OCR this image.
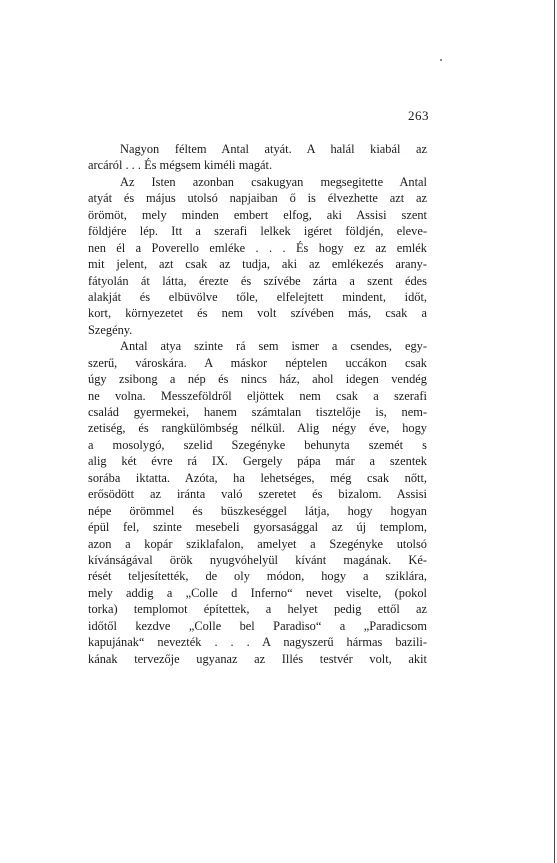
263
Nagyon féltem Antal atyát. A halál kiabál az
arcáról . . . És mégsem kiméli magát.
Az Isten azonban csakugyan megsegitette Antal
atyát és május utolsó napjaiban ő is élvezhette azt az
örömöt, mely minden embert elfog, aki Assisi szent
földjére lép. Itt a szerafi lelkek igéret földjén, eleve-
nen él a Poverello emléke . . . És hogy ez az emlék
mit jelent, azt csak az tudja, aki az emlékezés arany-
fátyolán át látta, érezte és szívébe zárta a szent édes
alakját és elbüvölve tőle, elfelejtett mindent, időt,
kort, környezetet és nem volt szívében más, csak a
Szegény.
Antal atya szinte rá sem ismer a csendes, egy-
szerű, városkára. A máskor néptelen uccákon csak
úgy zsibong a nép és nincs ház, ahol idegen vendég
ne volna. Messzeföldről eljöttek nem csak a szerafi
család gyermekei, hanem számtalan tisztelője is, nem-
zetiség, és rangkülömbség nélkül. Alig négy éve, hogy
a mosolygó, szelid Szegényke behunyta szemét s
alig két évre rá IX. Gergely pápa már a szentek
sorába iktatta. Azóta, ha lehetséges, még csak nőtt,
erősödött az iránta való szeretet és bizalom. Assisi
népe örömmel és büszkeséggel látja, hogy hogyan
épül fel, szinte mesebeli gyorsasággal az új templom,
azon a kopár sziklafalon, amelyet a Szegényke utolsó
kívánságával örök nyugvóhelyül kívánt magának. Ké-
rését teljesítették, de oly módon, hogy a sziklára,
mely addig a „Colle d Inferno“ nevet viselte, (pokol
torka) templomot építettek, a helyet pedig ettől az
időtől kezdve „Colle bel Paradiso“ a „Paradicsom
kapujának“ nevezték . . . A nagyszerű hármas bazili-
kának tervezője ugyanaz az Illés testvér volt, akit
